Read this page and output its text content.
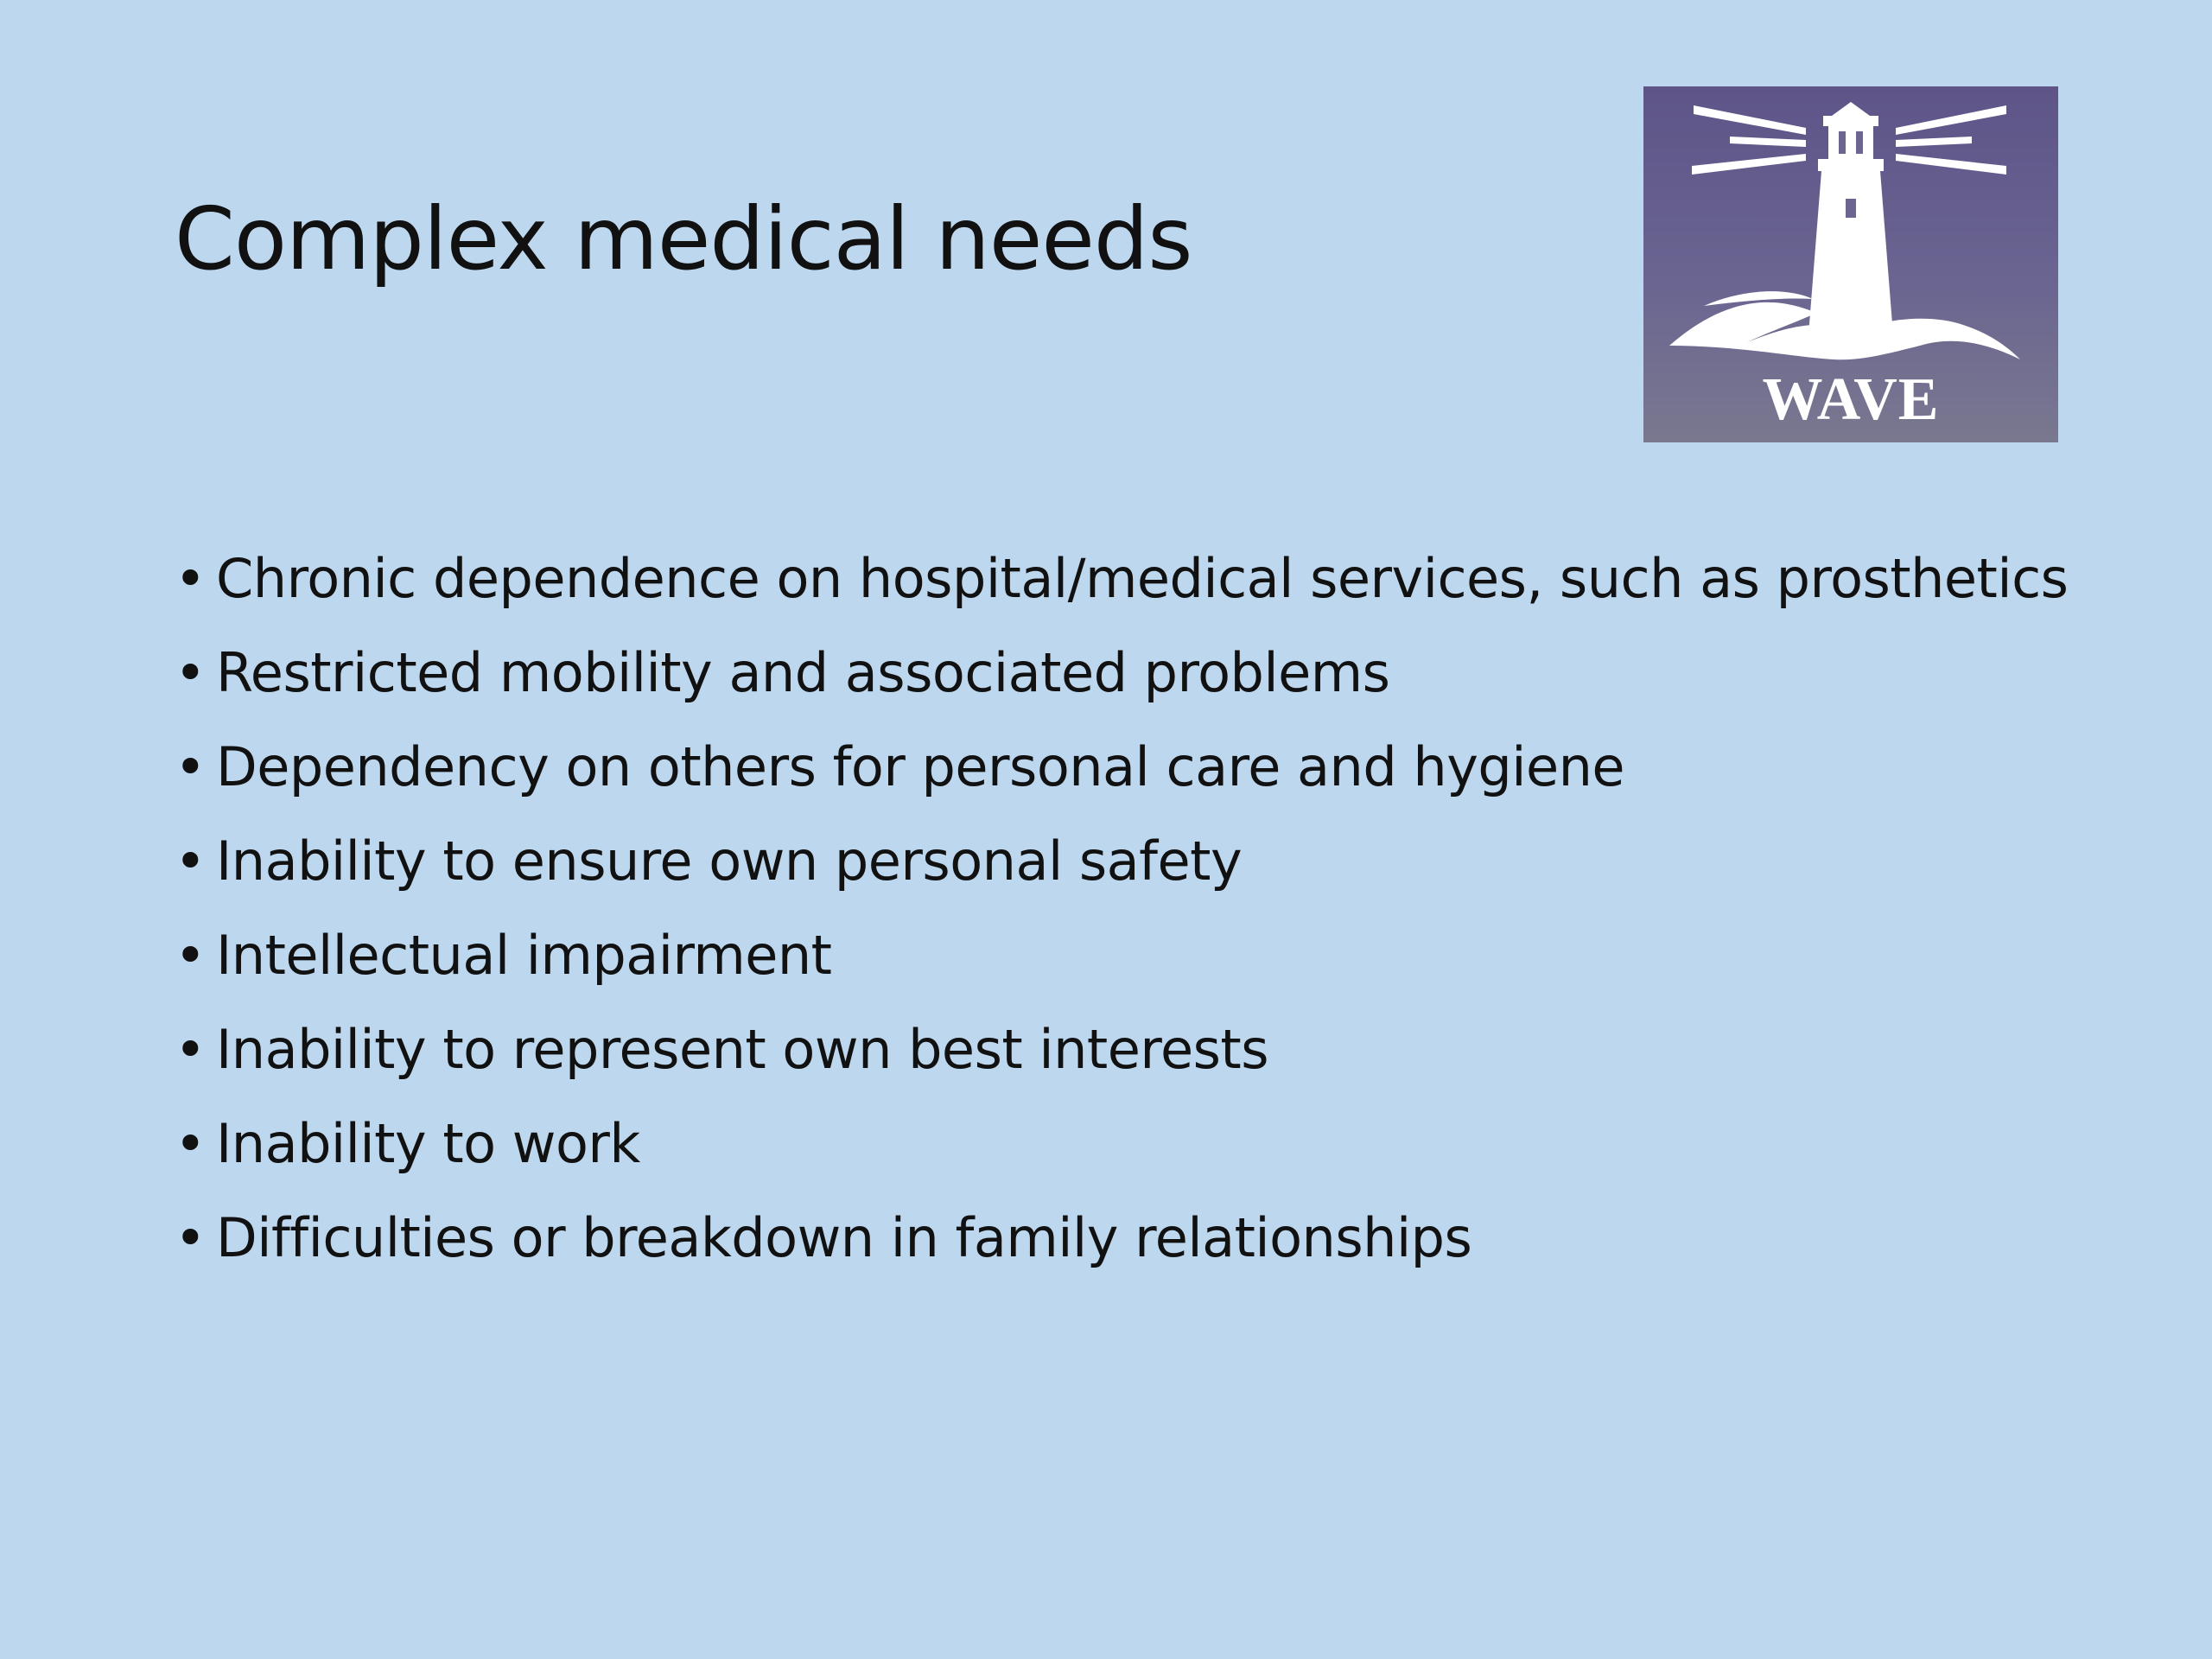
Complex medical needs
WAVE
• Chronic dependence on hospital/medical services, such as prosthetics
• Restricted mobility and associated problems
• Dependency on others for personal care and hygiene
• Inability to ensure own personal safety
• Intellectual impairment
• Inability to represent own best interests
• Inability to work
• Difficulties or breakdown in family relationships
